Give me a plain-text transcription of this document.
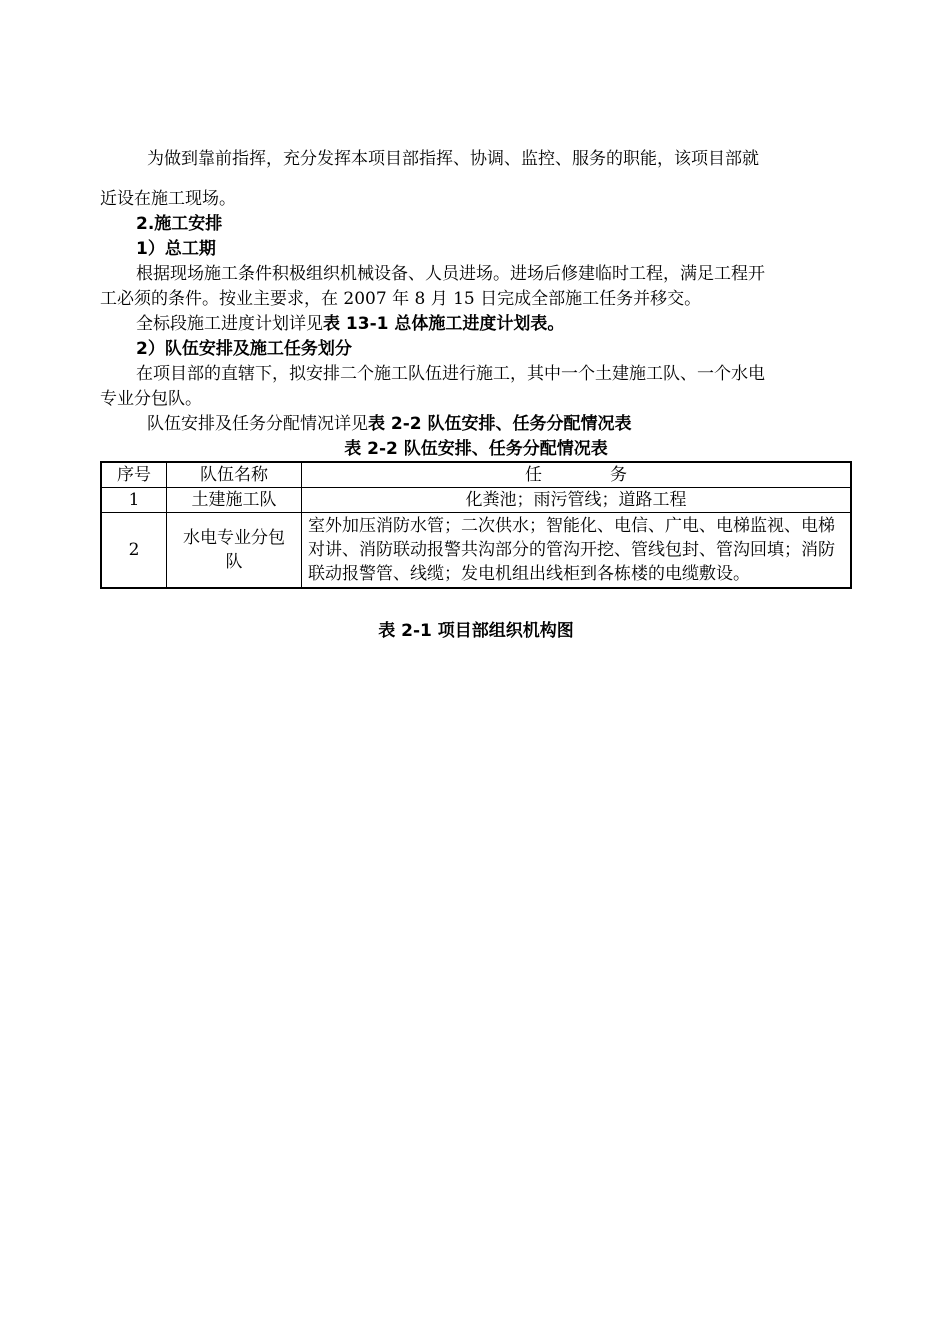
为做到靠前指挥，充分发挥本项目部指挥、协调、监控、服务的职能，该项目部就
近设在施工现场。
2.施工安排
1）总工期
根据现场施工条件积极组织机械设备、人员进场。进场后修建临时工程，满足工程开
工必须的条件。按业主要求，在 2007 年 8 月 15 日完成全部施工任务并移交。
全标段施工进度计划详见表 13-1 总体施工进度计划表。
2）队伍安排及施工任务划分
在项目部的直辖下，拟安排二个施工队伍进行施工，其中一个土建施工队、一个水电
专业分包队。
队伍安排及任务分配情况详见表 2-2 队伍安排、任务分配情况表
表 2-2 队伍安排、任务分配情况表
序号	队伍名称	任 务
1	土建施工队	化粪池；雨污管线；道路工程
2	水电专业分包队	室外加压消防水管；二次供水；智能化、电信、广电、电梯监视、电梯对讲、消防联动报警共沟部分的管沟开挖、管线包封、管沟回填；消防联动报警管、线缆；发电机组出线柜到各栋楼的电缆敷设。
表 2-1 项目部组织机构图
